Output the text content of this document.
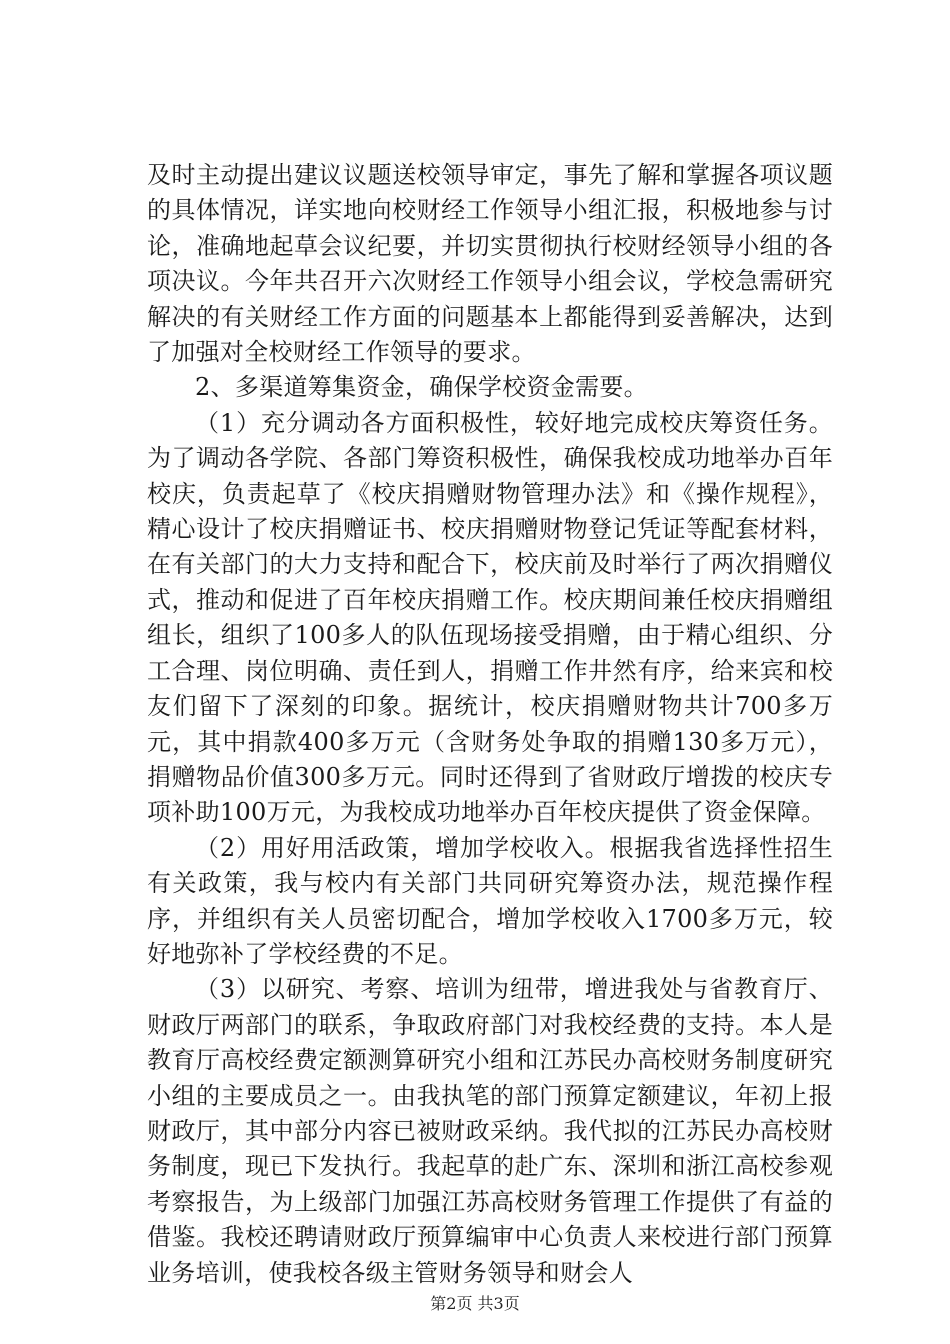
及时主动提出建议议题送校领导审定，事先了解和掌握各项议题的具体情况，详实地向校财经工作领导小组汇报，积极地参与讨论，准确地起草会议纪要，并切实贯彻执行校财经领导小组的各项决议。今年共召开六次财经工作领导小组会议，学校急需研究解决的有关财经工作方面的问题基本上都能得到妥善解决，达到了加强对全校财经工作领导的要求。

2、多渠道筹集资金，确保学校资金需要。

（1）充分调动各方面积极性，较好地完成校庆筹资任务。为了调动各学院、各部门筹资积极性，确保我校成功地举办百年校庆，负责起草了《校庆捐赠财物管理办法》和《操作规程》，精心设计了校庆捐赠证书、校庆捐赠财物登记凭证等配套材料，在有关部门的大力支持和配合下，校庆前及时举行了两次捐赠仪式，推动和促进了百年校庆捐赠工作。校庆期间兼任校庆捐赠组组长，组织了100多人的队伍现场接受捐赠，由于精心组织、分工合理、岗位明确、责任到人，捐赠工作井然有序，给来宾和校友们留下了深刻的印象。据统计，校庆捐赠财物共计700多万元，其中捐款400多万元（含财务处争取的捐赠130多万元），捐赠物品价值300多万元。同时还得到了省财政厅增拨的校庆专项补助100万元，为我校成功地举办百年校庆提供了资金保障。

（2）用好用活政策，增加学校收入。根据我省选择性招生有关政策，我与校内有关部门共同研究筹资办法，规范操作程序，并组织有关人员密切配合，增加学校收入1700多万元，较好地弥补了学校经费的不足。

（3）以研究、考察、培训为纽带，增进我处与省教育厅、财政厅两部门的联系，争取政府部门对我校经费的支持。本人是教育厅高校经费定额测算研究小组和江苏民办高校财务制度研究小组的主要成员之一。由我执笔的部门预算定额建议，年初上报财政厅，其中部分内容已被财政采纳。我代拟的江苏民办高校财务制度，现已下发执行。我起草的赴广东、深圳和浙江高校参观考察报告，为上级部门加强江苏高校财务管理工作提供了有益的借鉴。我校还聘请财政厅预算编审中心负责人来校进行部门预算业务培训，使我校各级主管财务领导和财会人

第2页 共3页
